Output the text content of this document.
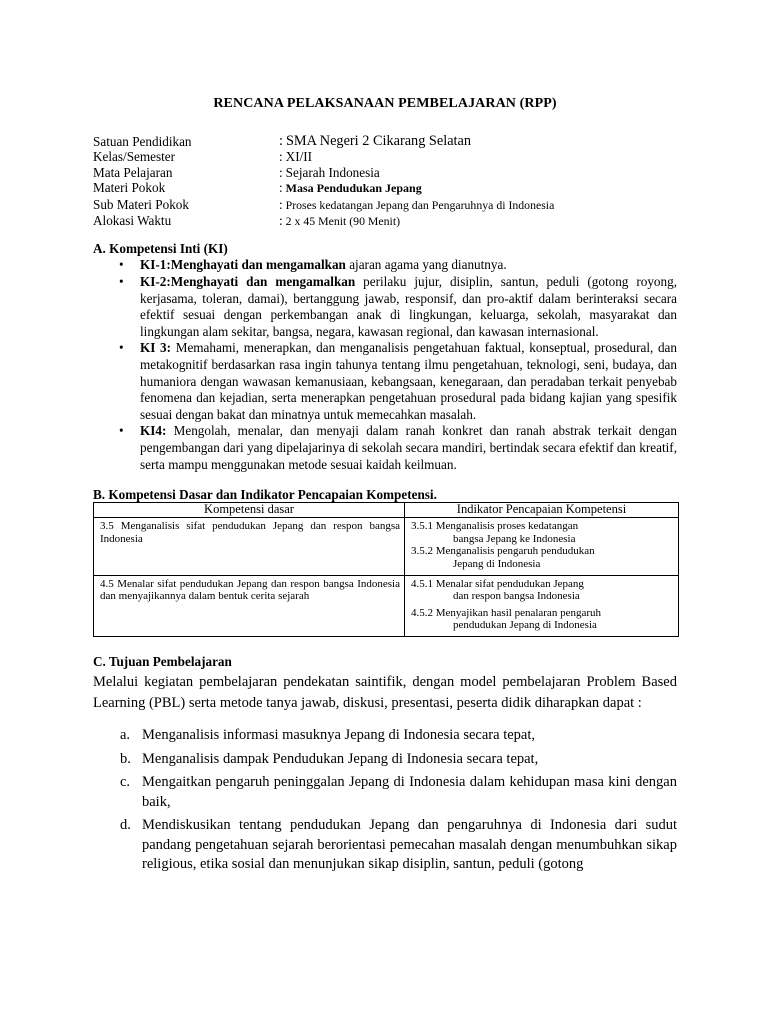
RENCANA PELAKSANAAN PEMBELAJARAN (RPP)
Satuan Pendidikan	: SMA Negeri 2 Cikarang Selatan
Kelas/Semester	: XI/II
Mata Pelajaran	: Sejarah Indonesia
Materi Pokok	: Masa Pendudukan Jepang
Sub Materi Pokok	: Proses kedatangan Jepang dan Pengaruhnya di Indonesia
Alokasi Waktu	: 2 x 45 Menit (90 Menit)
A. Kompetensi Inti (KI)
• KI-1:Menghayati dan mengamalkan ajaran agama yang dianutnya.
• KI-2:Menghayati dan mengamalkan perilaku jujur, disiplin, santun, peduli (gotong royong, kerjasama, toleran, damai), bertanggung jawab, responsif, dan pro-aktif dalam berinteraksi secara efektif sesuai dengan perkembangan anak di lingkungan, keluarga, sekolah, masyarakat dan lingkungan alam sekitar, bangsa, negara, kawasan regional, dan kawasan internasional.
• KI 3: Memahami, menerapkan, dan menganalisis pengetahuan faktual, konseptual, prosedural, dan metakognitif berdasarkan rasa ingin tahunya tentang ilmu pengetahuan, teknologi, seni, budaya, dan humaniora dengan wawasan kemanusiaan, kebangsaan, kenegaraan, dan peradaban terkait penyebab fenomena dan kejadian, serta menerapkan pengetahuan prosedural pada bidang kajian yang spesifik sesuai dengan bakat dan minatnya untuk memecahkan masalah.
• KI4: Mengolah, menalar, dan menyaji dalam ranah konkret dan ranah abstrak terkait dengan pengembangan dari yang dipelajarinya di sekolah secara mandiri, bertindak secara efektif dan kreatif, serta mampu menggunakan metode sesuai kaidah keilmuan.
B. Kompetensi Dasar dan Indikator Pencapaian Kompetensi.
Kompetensi dasar	Indikator Pencapaian Kompetensi
3.5 Menganalisis sifat pendudukan Jepang dan respon bangsa Indonesia	3.5.1 Menganalisis proses kedatangan
bangsa Jepang ke Indonesia
3.5.2 Menganalisis pengaruh pendudukan
Jepang di Indonesia

4.5 Menalar sifat pendudukan Jepang dan respon bangsa Indonesia dan menyajikannya dalam bentuk cerita sejarah	4.5.1 Menalar sifat pendudukan Jepang
dan respon bangsa Indonesia
4.5.2 Menyajikan hasil penalaran pengaruh
pendudukan Jepang di Indonesia
C. Tujuan Pembelajaran
Melalui kegiatan pembelajaran pendekatan saintifik, dengan model pembelajaran Problem Based Learning (PBL) serta metode tanya jawab, diskusi, presentasi, peserta didik diharapkan dapat :
a. Menganalisis informasi masuknya Jepang di Indonesia secara tepat,
b. Menganalisis dampak Pendudukan Jepang di Indonesia secara tepat,
c. Mengaitkan pengaruh peninggalan Jepang di Indonesia dalam kehidupan masa kini dengan baik,
d. Mendiskusikan tentang pendudukan Jepang dan pengaruhnya di Indonesia dari sudut pandang pengetahuan sejarah berorientasi pemecahan masalah dengan menumbuhkan sikap religious, etika sosial dan menunjukan sikap disiplin, santun, peduli (gotong
